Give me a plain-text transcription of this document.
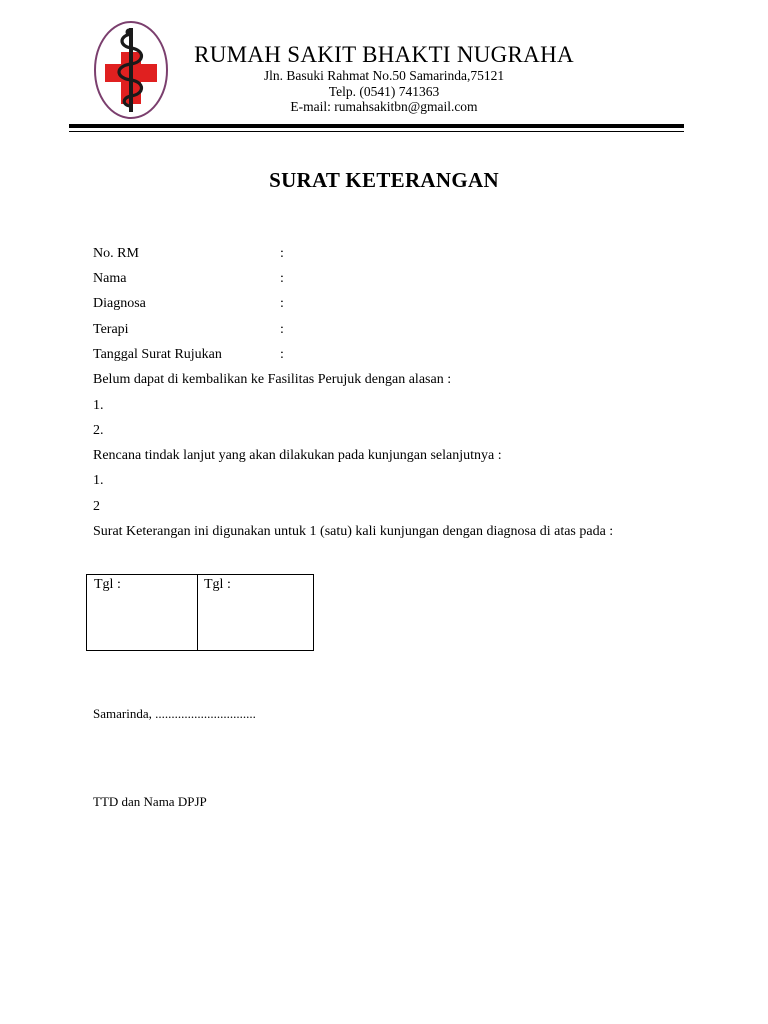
RUMAH SAKIT BHAKTI NUGRAHA
Jln. Basuki Rahmat No.50 Samarinda,75121
Telp. (0541) 741363
E-mail: rumahsakitbn@gmail.com
SURAT KETERANGAN
No. RM	:
Nama	:
Diagnosa	:
Terapi	:
Tanggal Surat Rujukan	:
Belum dapat di kembalikan ke Fasilitas Perujuk dengan alasan :
1.
2.
Rencana tindak lanjut yang akan dilakukan pada kunjungan selanjutnya :
1.
2
Surat Keterangan ini digunakan untuk 1 (satu) kali kunjungan dengan diagnosa di atas pada :
Tgl :	Tgl :
Samarinda, ...............................
TTD dan Nama DPJP
